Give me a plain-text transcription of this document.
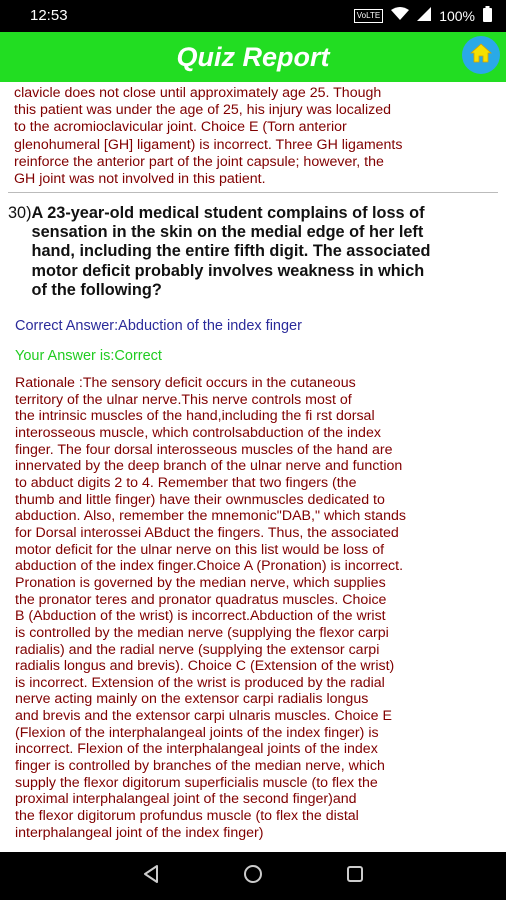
12:53	VoLTE	100%
Quiz Report
clavicle does not close until approximately age 25. Though
this patient was under the age of 25, his injury was localized
to the acromioclavicular joint. Choice E (Torn anterior
glenohumeral [GH] ligament) is incorrect. Three GH ligaments
reinforce the anterior part of the joint capsule; however, the
GH joint was not involved in this patient.
30) A 23-year-old medical student complains of loss of
sensation in the skin on the medial edge of her left
hand, including the entire fifth digit. The associated
motor deficit probably involves weakness in which
of the following?
Correct Answer:Abduction of the index finger
Your Answer is:Correct
Rationale :The sensory deficit occurs in the cutaneous
territory of the ulnar nerve.This nerve controls most of
the intrinsic muscles of the hand,including the fi rst dorsal
interosseous muscle, which controlsabduction of the index
finger. The four dorsal interosseous muscles of the hand are
innervated by the deep branch of the ulnar nerve and function
to abduct digits 2 to 4. Remember that two fingers (the
thumb and little finger) have their ownmuscles dedicated to
abduction. Also, remember the mnemonic"DAB," which stands
for Dorsal interossei ABduct the fingers. Thus, the associated
motor deficit for the ulnar nerve on this list would be loss of
abduction of the index finger.Choice A (Pronation) is incorrect.
Pronation is governed by the median nerve, which supplies
the pronator teres and pronator quadratus muscles. Choice
B (Abduction of the wrist) is incorrect.Abduction of the wrist
is controlled by the median nerve (supplying the flexor carpi
radialis) and the radial nerve (supplying the extensor carpi
radialis longus and brevis). Choice C (Extension of the wrist)
is incorrect. Extension of the wrist is produced by the radial
nerve acting mainly on the extensor carpi radialis longus
and brevis and the extensor carpi ulnaris muscles. Choice E
(Flexion of the interphalangeal joints of the index finger) is
incorrect. Flexion of the interphalangeal joints of the index
finger is controlled by branches of the median nerve, which
supply the flexor digitorum superficialis muscle (to flex the
proximal interphalangeal joint of the second finger)and
the flexor digitorum profundus muscle (to flex the distal
interphalangeal joint of the index finger)
